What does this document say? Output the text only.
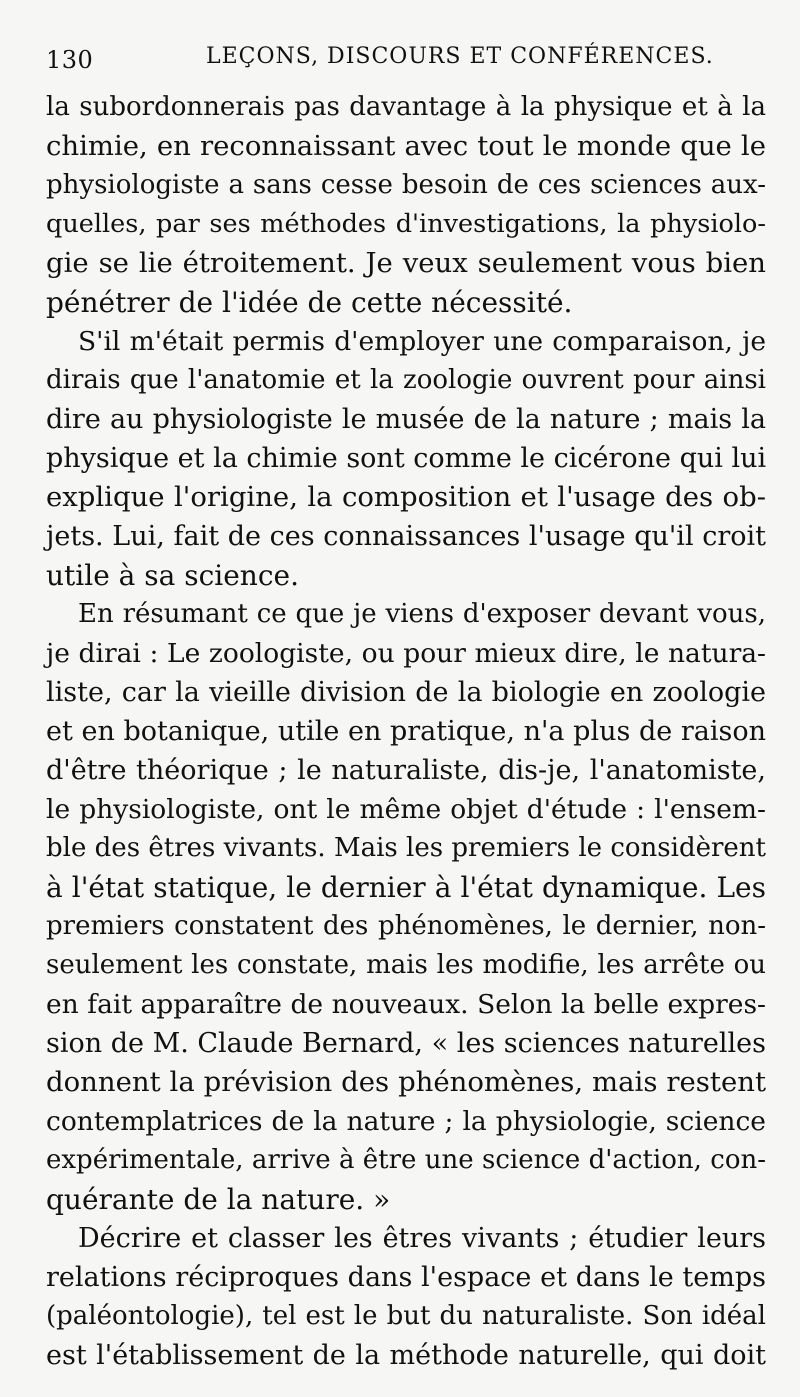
130	LEÇONS, DISCOURS ET CONFÉRENCES.
la subordonnerais pas davantage à la physique et à la
chimie, en reconnaissant avec tout le monde que le
physiologiste a sans cesse besoin de ces sciences aux-
quelles, par ses méthodes d'investigations, la physiolo-
gie se lie étroitement. Je veux seulement vous bien
pénétrer de l'idée de cette nécessité.
S'il m'était permis d'employer une comparaison, je
dirais que l'anatomie et la zoologie ouvrent pour ainsi
dire au physiologiste le musée de la nature ; mais la
physique et la chimie sont comme le cicérone qui lui
explique l'origine, la composition et l'usage des ob-
jets. Lui, fait de ces connaissances l'usage qu'il croit
utile à sa science.
En résumant ce que je viens d'exposer devant vous,
je dirai : Le zoologiste, ou pour mieux dire, le natura-
liste, car la vieille division de la biologie en zoologie
et en botanique, utile en pratique, n'a plus de raison
d'être théorique ; le naturaliste, dis-je, l'anatomiste,
le physiologiste, ont le même objet d'étude : l'ensem-
ble des êtres vivants. Mais les premiers le considèrent
à l'état statique, le dernier à l'état dynamique. Les
premiers constatent des phénomènes, le dernier, non-
seulement les constate, mais les modifie, les arrête ou
en fait apparaître de nouveaux. Selon la belle expres-
sion de M. Claude Bernard, « les sciences naturelles
donnent la prévision des phénomènes, mais restent
contemplatrices de la nature ; la physiologie, science
expérimentale, arrive à être une science d'action, con-
quérante de la nature. »
Décrire et classer les êtres vivants ; étudier leurs
relations réciproques dans l'espace et dans le temps
(paléontologie), tel est le but du naturaliste. Son idéal
est l'établissement de la méthode naturelle, qui doit
